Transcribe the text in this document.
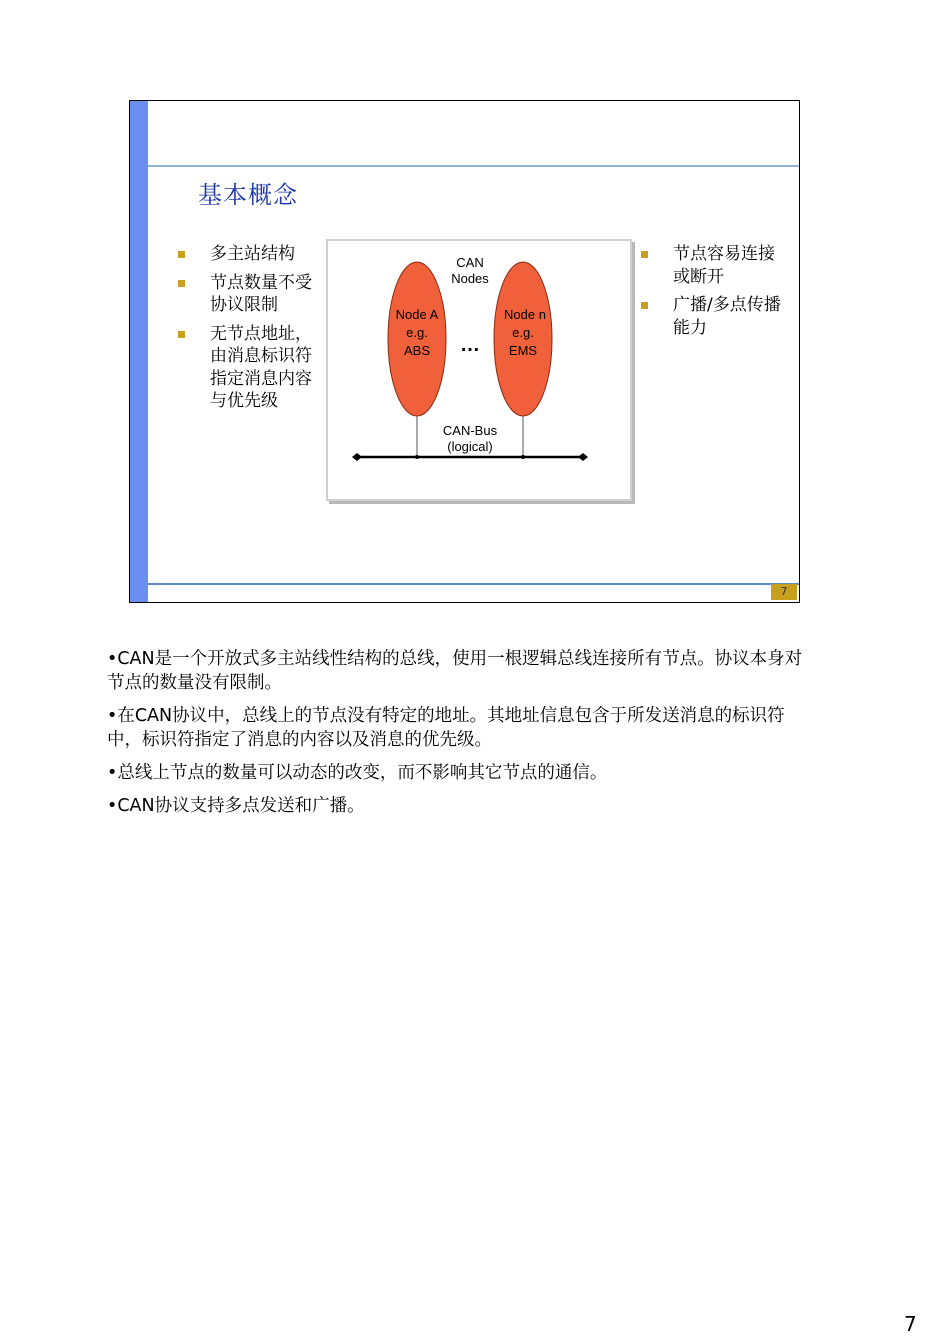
基本概念
多主站结构
节点数量不受协议限制
无节点地址，由消息标识符指定消息内容与优先级
节点容易连接或断开
广播/多点传播能力
CAN
Nodes
Node A
e.g.
ABS
Node n
e.g.
EMS
…
CAN-Bus
(logical)
7

•CAN是一个开放式多主站线性结构的总线，使用一根逻辑总线连接所有节点。协议本身对节点的数量没有限制。

•在CAN协议中，总线上的节点没有特定的地址。其地址信息包含于所发送消息的标识符中，标识符指定了消息的内容以及消息的优先级。

•总线上节点的数量可以动态的改变，而不影响其它节点的通信。

•CAN协议支持多点发送和广播。

7
